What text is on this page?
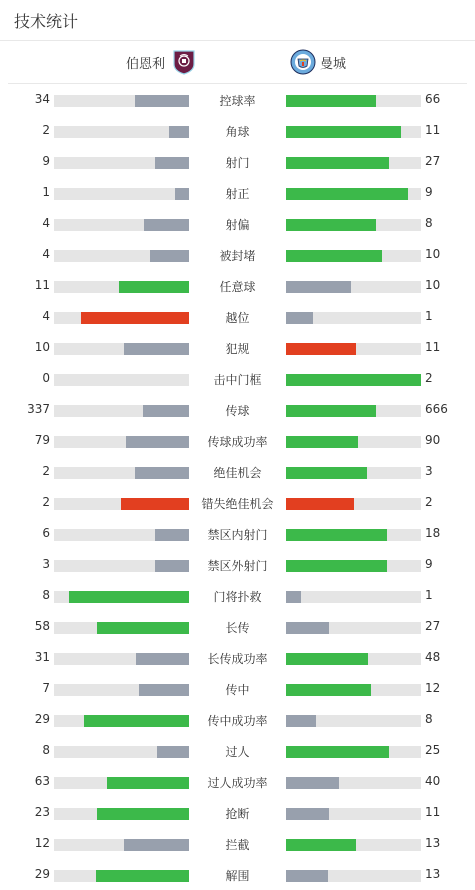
技术统计
伯恩利	曼城
34	控球率	66
2	角球	11
9	射门	27
1	射正	9
4	射偏	8
4	被封堵	10
11	任意球	10
4	越位	1
10	犯规	11
0	击中门框	2
337	传球	666
79	传球成功率	90
2	绝佳机会	3
2	错失绝佳机会	2
6	禁区内射门	18
3	禁区外射门	9
8	门将扑救	1
58	长传	27
31	长传成功率	48
7	传中	12
29	传中成功率	8
8	过人	25
63	过人成功率	40
23	抢断	11
12	拦截	13
29	解围	13
